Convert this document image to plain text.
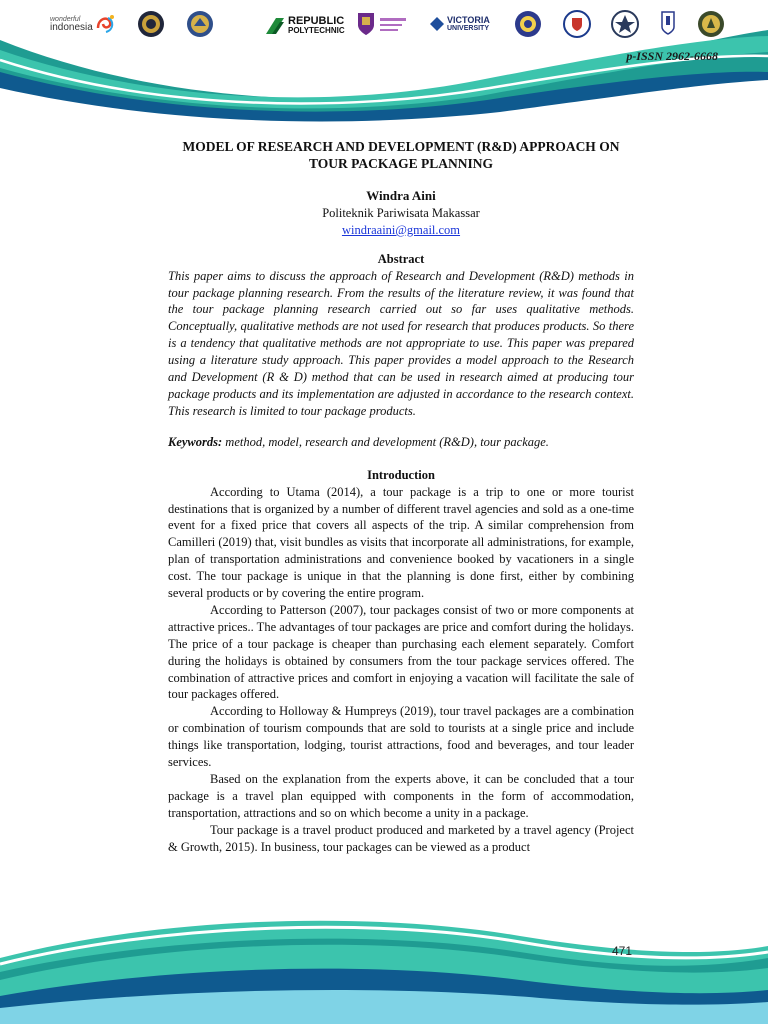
wonderful
indonesia
REPUBLIC
POLYTECHNIC
VICTORIA
UNIVERSITY
p-ISSN 2962-6668
MODEL OF RESEARCH AND DEVELOPMENT (R&D) APPROACH ON TOUR PACKAGE PLANNING
Windra Aini
Politeknik Pariwisata Makassar
windraaini@gmail.com
Abstract

This paper aims to discuss the approach of Research and Development (R&D) methods in tour package planning research. From the results of the literature review, it was found that the tour package planning research carried out so far uses qualitative methods. Conceptually, qualitative methods are not used for research that produces products. So there is a tendency that qualitative methods are not appropriate to use. This paper was prepared using a literature study approach. This paper provides a model approach to the Research and Development (R & D) method that can be used in research aimed at producing tour package products and its implementation are adjusted in accordance to the research context. This research is limited to tour package products.

Keywords: method, model, research and development (R&D), tour package.
Introduction

According to Utama (2014), a tour package is a trip to one or more tourist destinations that is organized by a number of different travel agencies and sold as a one-time event for a fixed price that covers all aspects of the trip. A similar comprehension from Camilleri (2019) that, visit bundles as visits that incorporate all administrations, for example, plan of transportation administrations and convenience booked by vacationers in a single cost. The tour package is unique in that the planning is done first, either by combining several products or by covering the entire program.

According to Patterson (2007), tour packages consist of two or more components at attractive prices.. The advantages of tour packages are price and comfort during the holidays. The price of a tour package is cheaper than purchasing each element separately. Comfort during the holidays is obtained by consumers from the tour package services offered. The combination of attractive prices and comfort in enjoying a vacation will facilitate the sale of tour packages offered.

According to Holloway & Humpreys (2019), tour travel packages are a combination or combination of tourism compounds that are sold to tourists at a single price and include things like transportation, lodging, tourist attractions, food and beverages, and tour leader services.

Based on the explanation from the experts above, it can be concluded that a tour package is a travel plan equipped with components in the form of accommodation, transportation, attractions and so on which become a unity in a package.

Tour package is a travel product produced and marketed by a travel agency (Project & Growth, 2015). In business, tour packages can be viewed as a product

471
